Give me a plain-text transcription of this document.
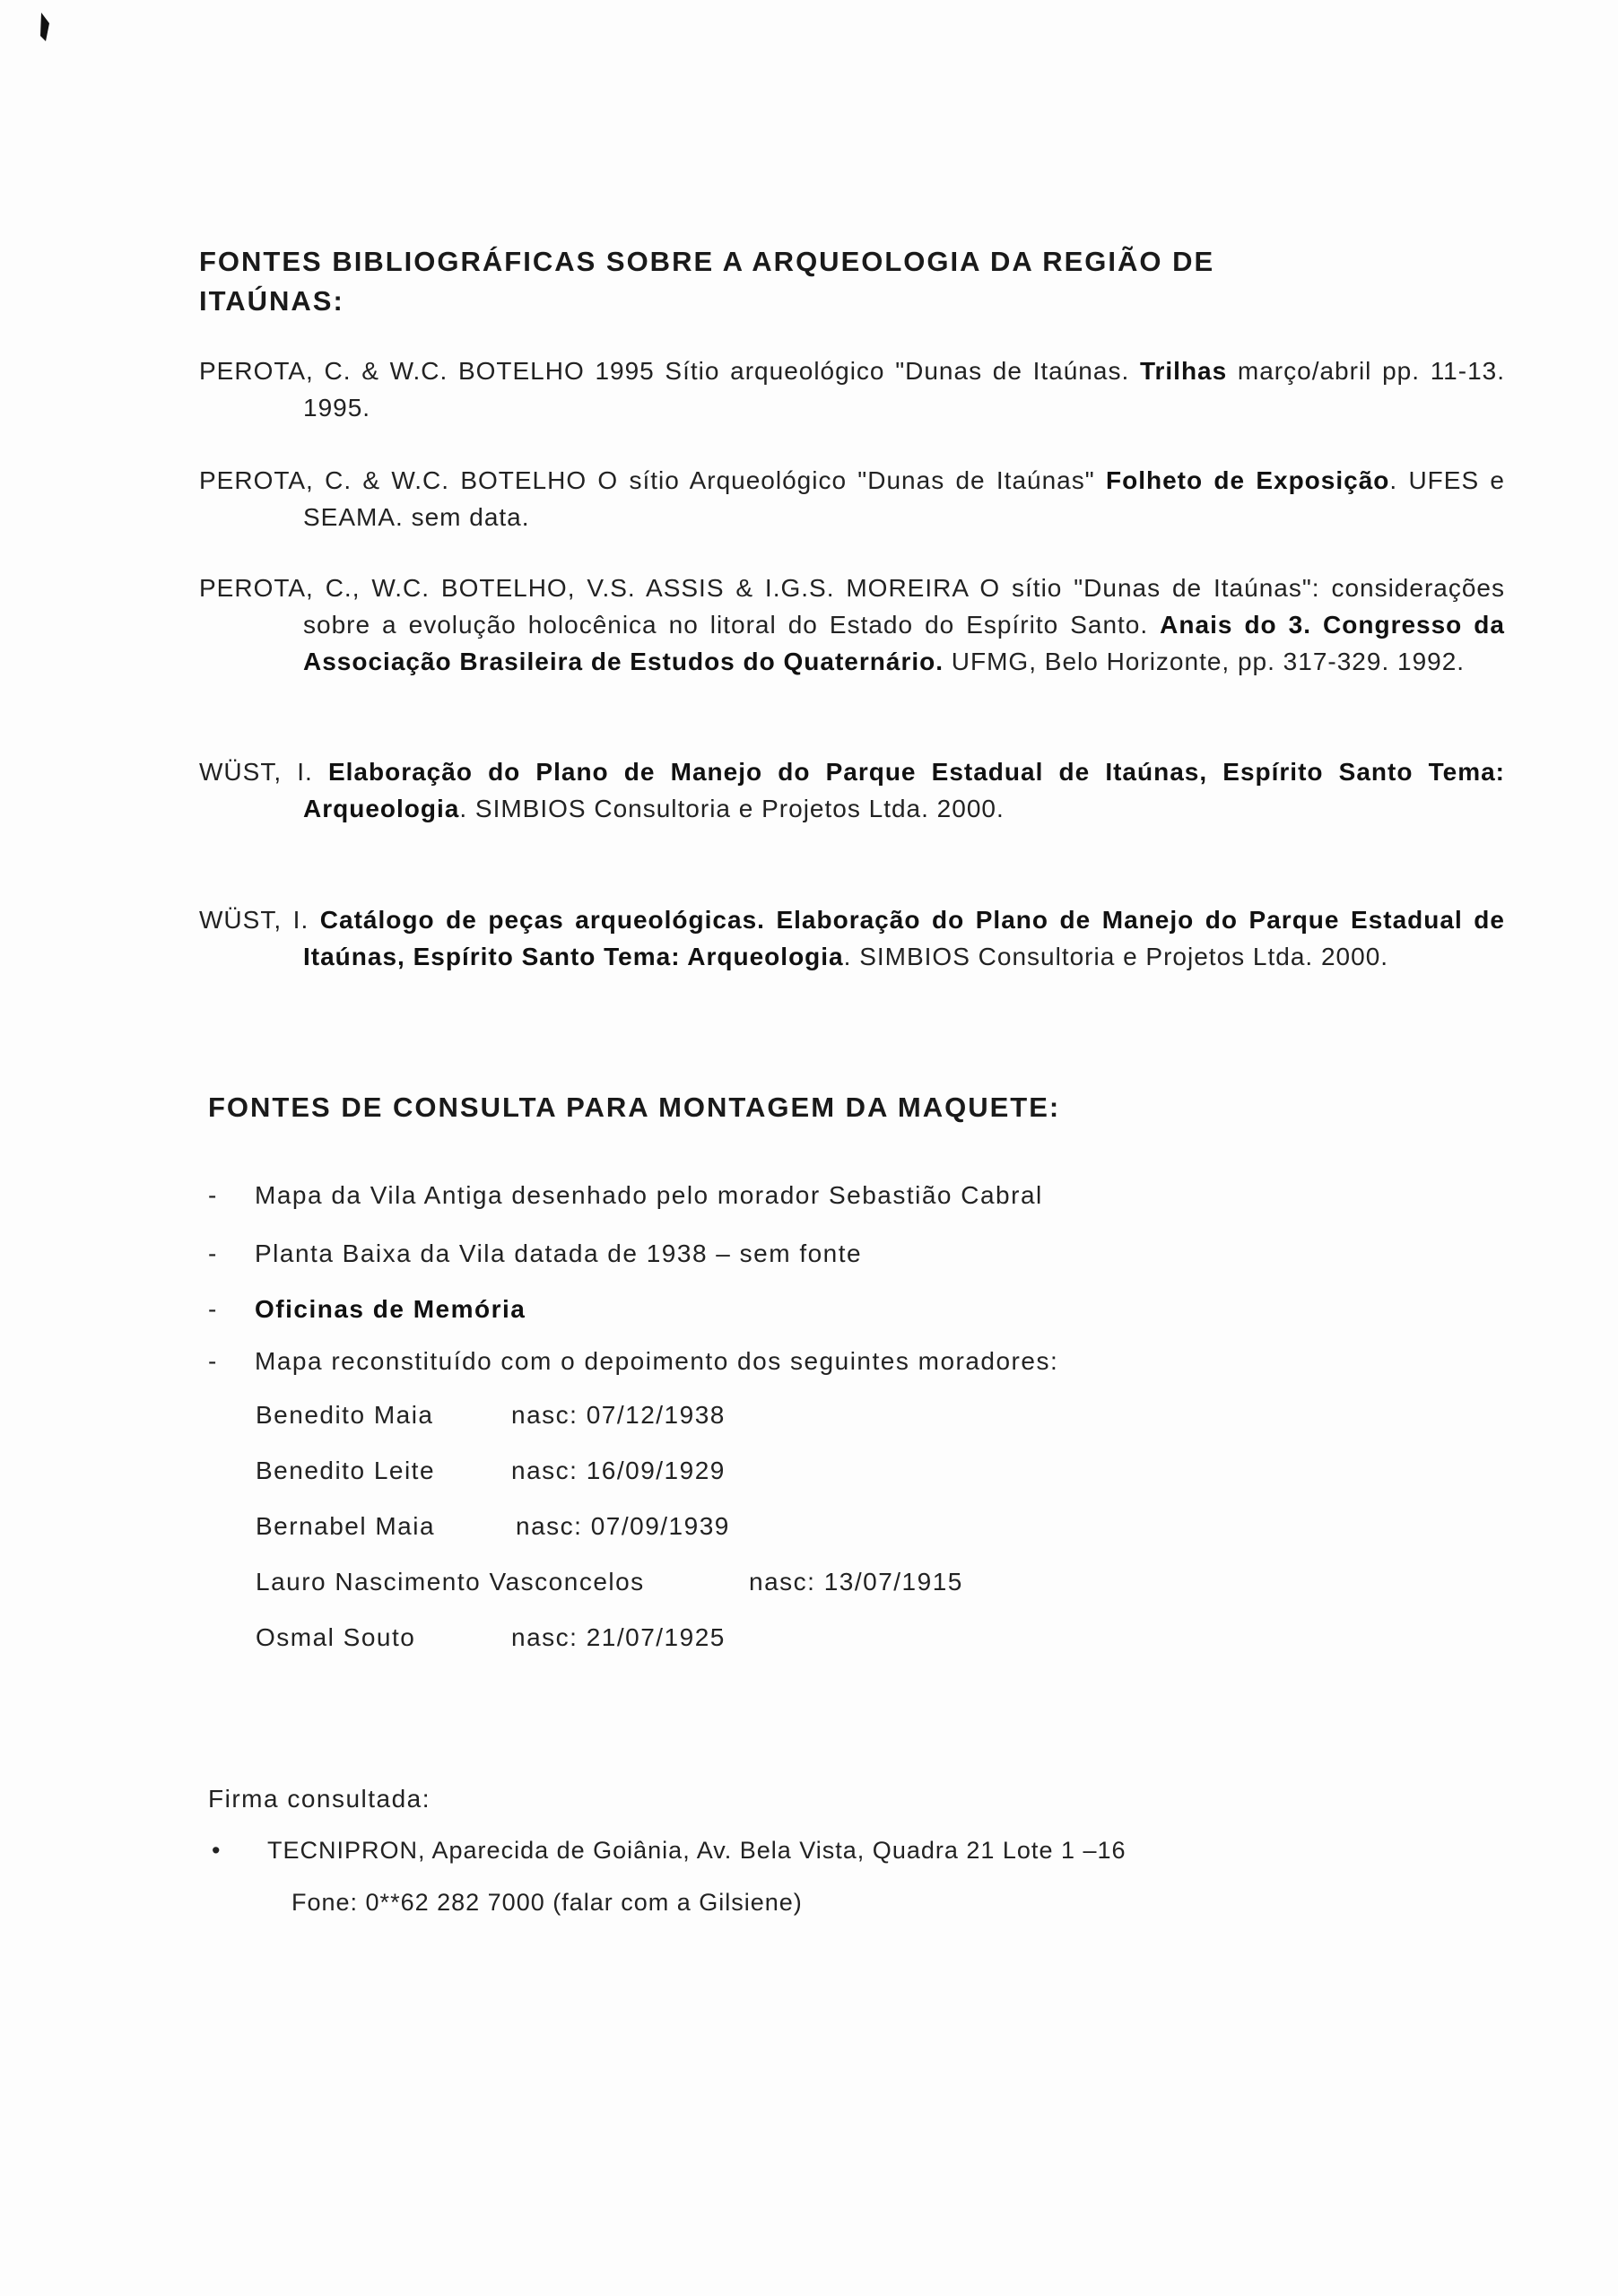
FONTES BIBLIOGRÁFICAS SOBRE A ARQUEOLOGIA DA REGIÃO DE
ITAÚNAS:
PEROTA, C. & W.C. BOTELHO 1995 Sítio arqueológico "Dunas de Itaúnas. Trilhas março/abril pp. 11-13. 1995.
PEROTA, C. & W.C. BOTELHO O sítio Arqueológico "Dunas de Itaúnas" Folheto de Exposição. UFES e SEAMA. sem data.
PEROTA, C., W.C. BOTELHO, V.S. ASSIS & I.G.S. MOREIRA O sítio "Dunas de Itaúnas": considerações sobre a evolução holocênica no litoral do Estado do Espírito Santo. Anais do 3. Congresso da Associação Brasileira de Estudos do Quaternário. UFMG, Belo Horizonte, pp. 317-329. 1992.
WÜST, I. Elaboração do Plano de Manejo do Parque Estadual de Itaúnas, Espírito Santo Tema: Arqueologia. SIMBIOS Consultoria e Projetos Ltda. 2000.
WÜST, I. Catálogo de peças arqueológicas. Elaboração do Plano de Manejo do Parque Estadual de Itaúnas, Espírito Santo Tema: Arqueologia. SIMBIOS Consultoria e Projetos Ltda. 2000.
FONTES DE CONSULTA PARA MONTAGEM DA MAQUETE:
- Mapa da Vila Antiga desenhado pelo morador Sebastião Cabral
- Planta Baixa da Vila datada de 1938 – sem fonte
- Oficinas de Memória
- Mapa reconstituído com o depoimento dos seguintes moradores:
Benedito Maia	nasc: 07/12/1938
Benedito Leite	nasc: 16/09/1929
Bernabel Maia	nasc: 07/09/1939
Lauro Nascimento Vasconcelos	nasc: 13/07/1915
Osmal Souto	nasc: 21/07/1925
Firma consultada:
• TECNIPRON, Aparecida de Goiânia, Av. Bela Vista, Quadra 21 Lote 1 –16
Fone: 0**62 282 7000 (falar com a Gilsiene)
